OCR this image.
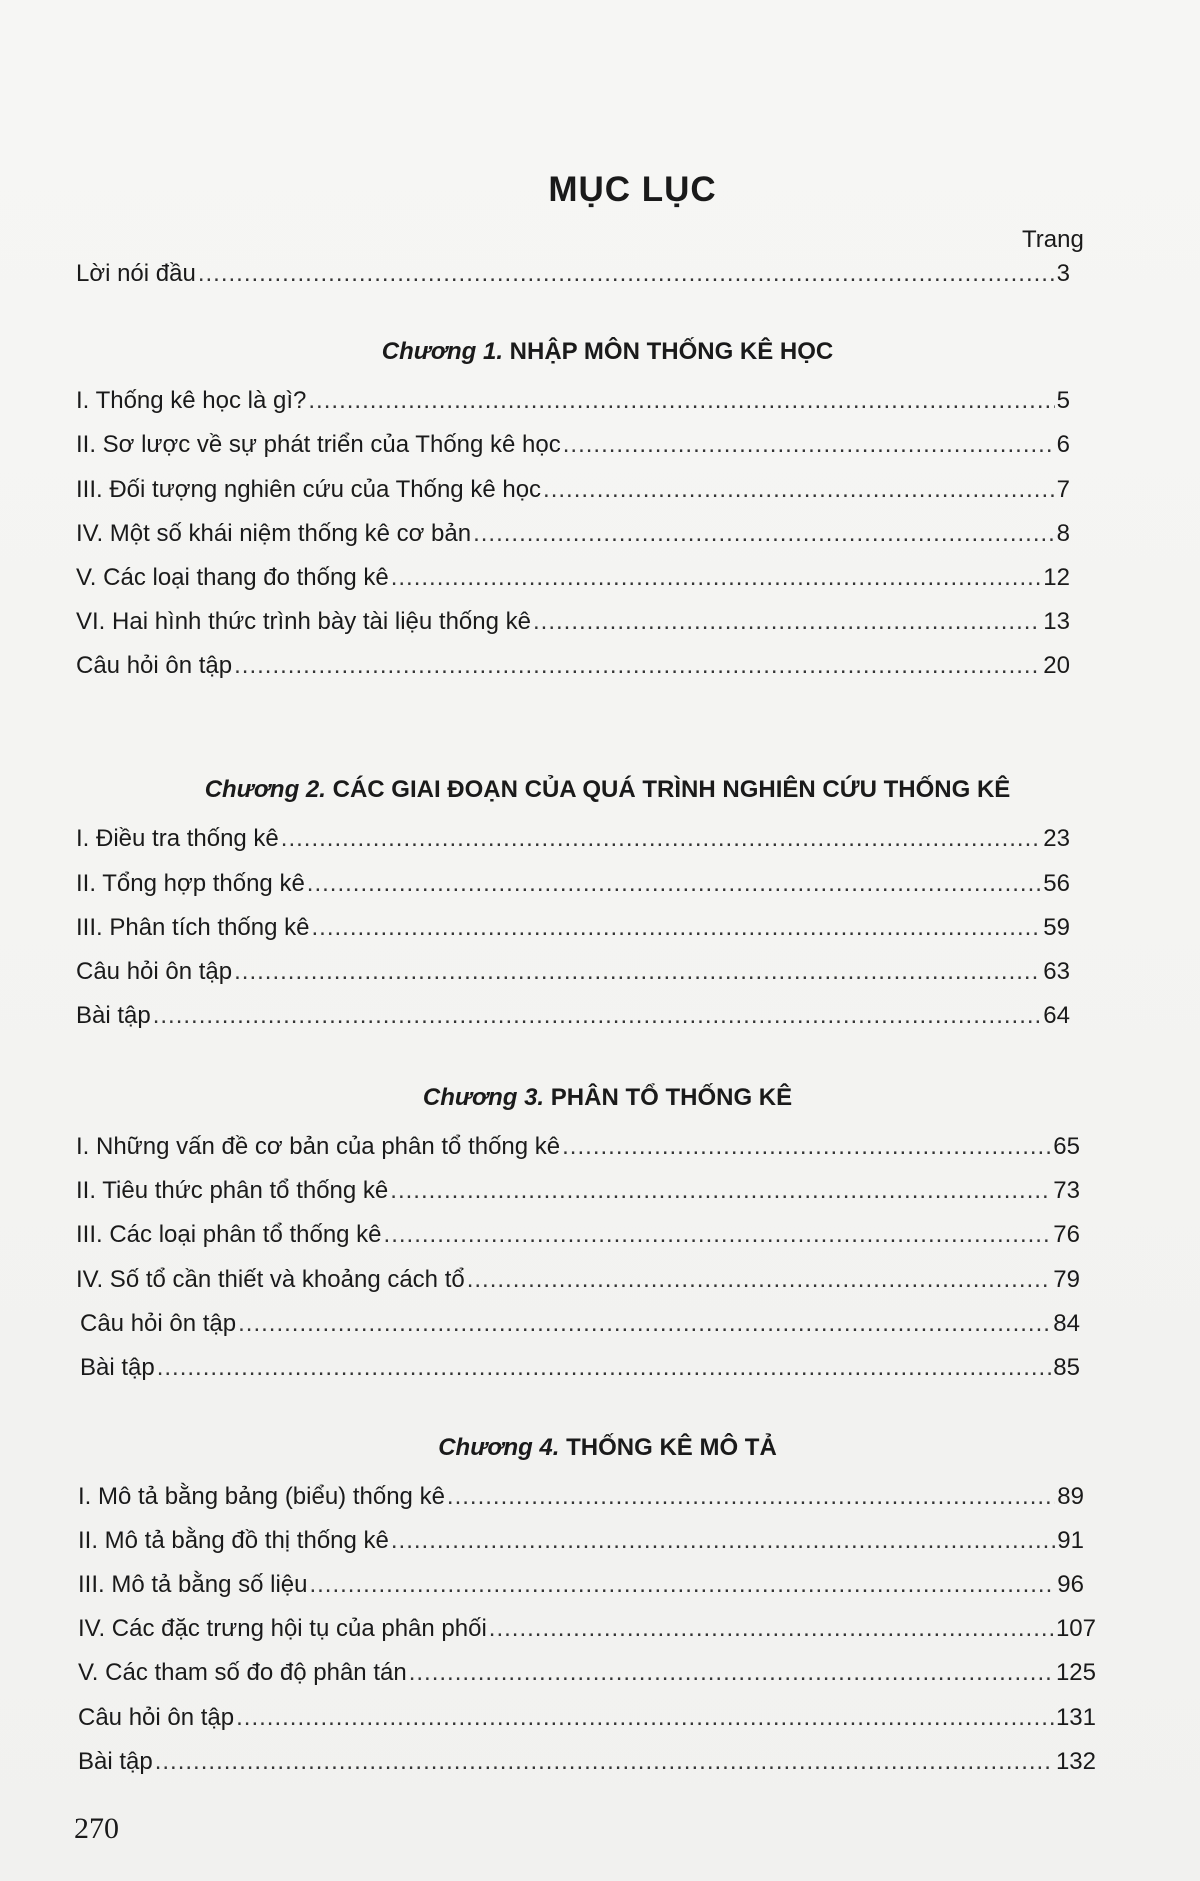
MỤC LỤC
Trang
Lời nói đầu .....	3
Chương 1. NHẬP MÔN THỐNG KÊ HỌC
I. Thống kê học là gì? .....	5
II. Sơ lược về sự phát triển của Thống kê học .....	6
III. Đối tượng nghiên cứu của Thống kê học .....	7
IV. Một số khái niệm thống kê cơ bản .....	8
V. Các loại thang đo thống kê .....	12
VI. Hai hình thức trình bày tài liệu thống kê .....	13
Câu hỏi ôn tập .....	20
Chương 2. CÁC GIAI ĐOẠN CỦA QUÁ TRÌNH NGHIÊN CỨU THỐNG KÊ
I. Điều tra thống kê .....	23
II. Tổng hợp thống kê .....	56
III. Phân tích thống kê .....	59
Câu hỏi ôn tập .....	63
Bài tập .....	64
Chương 3. PHÂN TỔ THỐNG KÊ
I. Những vấn đề cơ bản của phân tổ thống kê .....	65
II. Tiêu thức phân tổ thống kê .....	73
III. Các loại phân tổ thống kê .....	76
IV. Số tổ cần thiết và khoảng cách tổ .....	79
Câu hỏi ôn tập .....	84
Bài tập .....	85
Chương 4. THỐNG KÊ MÔ TẢ
I. Mô tả bằng bảng (biểu) thống kê .....	89
II. Mô tả bằng đồ thị thống kê .....	91
III. Mô tả bằng số liệu .....	96
IV. Các đặc trưng hội tụ của phân phối .....	107
V. Các tham số đo độ phân tán .....	125
Câu hỏi ôn tập .....	131
Bài tập .....	132
270
